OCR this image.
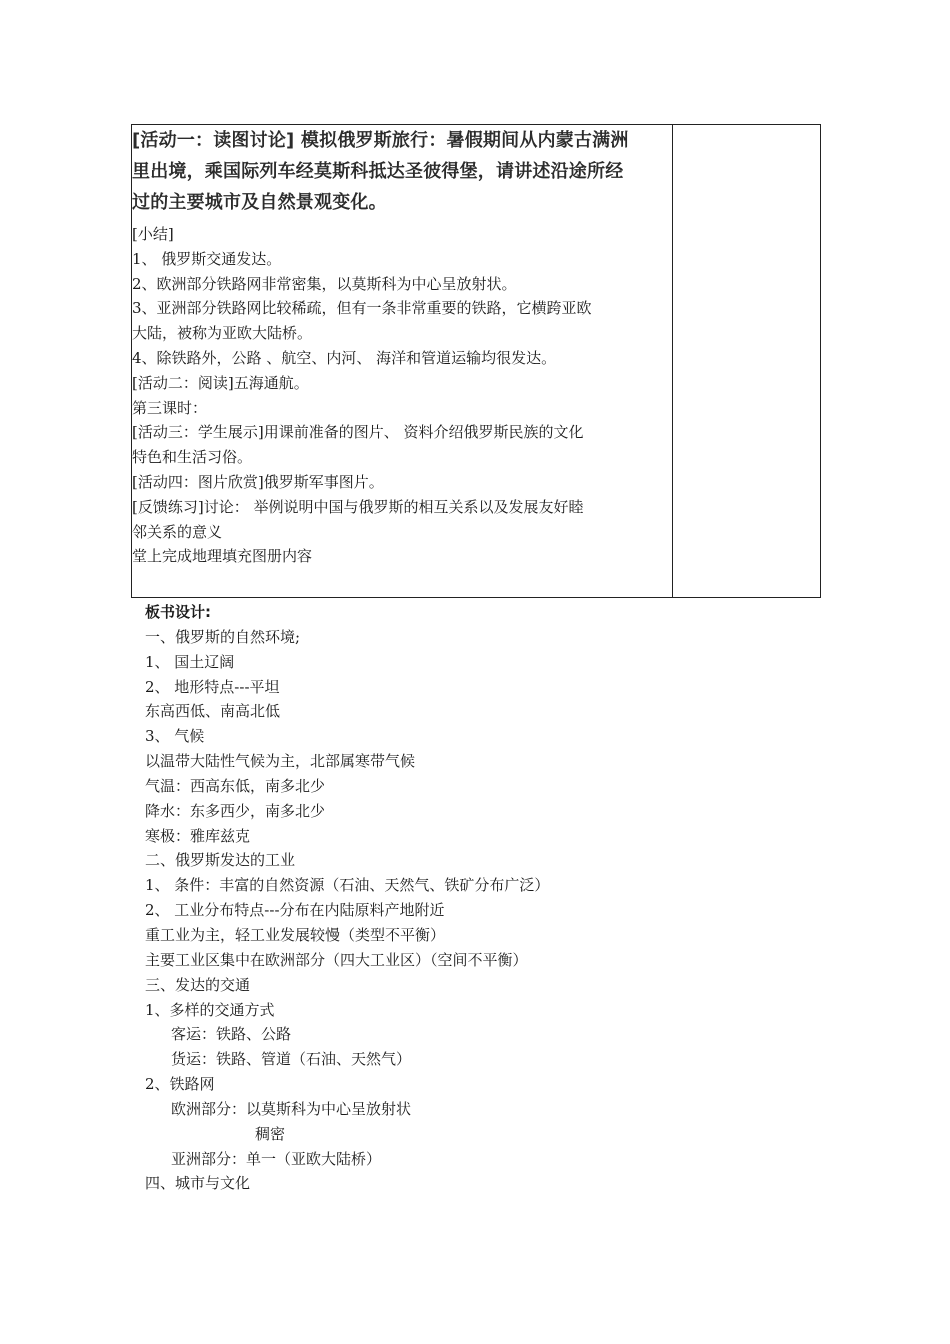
[活动一：读图讨论] 模拟俄罗斯旅行：暑假期间从内蒙古满洲

里出境，乘国际列车经莫斯科抵达圣彼得堡，请讲述沿途所经

过的主要城市及自然景观变化。

[小结]

1、 俄罗斯交通发达。

2、欧洲部分铁路网非常密集，以莫斯科为中心呈放射状。

3、亚洲部分铁路网比较稀疏，但有一条非常重要的铁路，它横跨亚欧

大陆，被称为亚欧大陆桥。

4、除铁路外，公路 、航空、内河、 海洋和管道运输均很发达。

[活动二：阅读]五海通航。

第三课时：

[活动三：学生展示]用课前准备的图片、 资料介绍俄罗斯民族的文化

特色和生活习俗。

[活动四：图片欣赏]俄罗斯军事图片。

[反馈练习]讨论： 举例说明中国与俄罗斯的相互关系以及发展友好睦

邻关系的意义

堂上完成地理填充图册内容

板书设计:

一、俄罗斯的自然环境;

1、 国土辽阔

2、 地形特点---平坦

东高西低、南高北低

3、 气候

以温带大陆性气候为主，北部属寒带气候

气温：西高东低，南多北少

降水：东多西少，南多北少

寒极：雅库兹克

二、俄罗斯发达的工业

1、 条件：丰富的自然资源（石油、天然气、铁矿分布广泛）

2、 工业分布特点---分布在内陆原料产地附近

重工业为主，轻工业发展较慢（类型不平衡）

主要工业区集中在欧洲部分（四大工业区）（空间不平衡）

三、发达的交通

1、多样的交通方式

客运：铁路、公路

货运：铁路、管道（石油、天然气）

2、铁路网

欧洲部分：以莫斯科为中心呈放射状

稠密

亚洲部分：单一（亚欧大陆桥）

四、城市与文化
